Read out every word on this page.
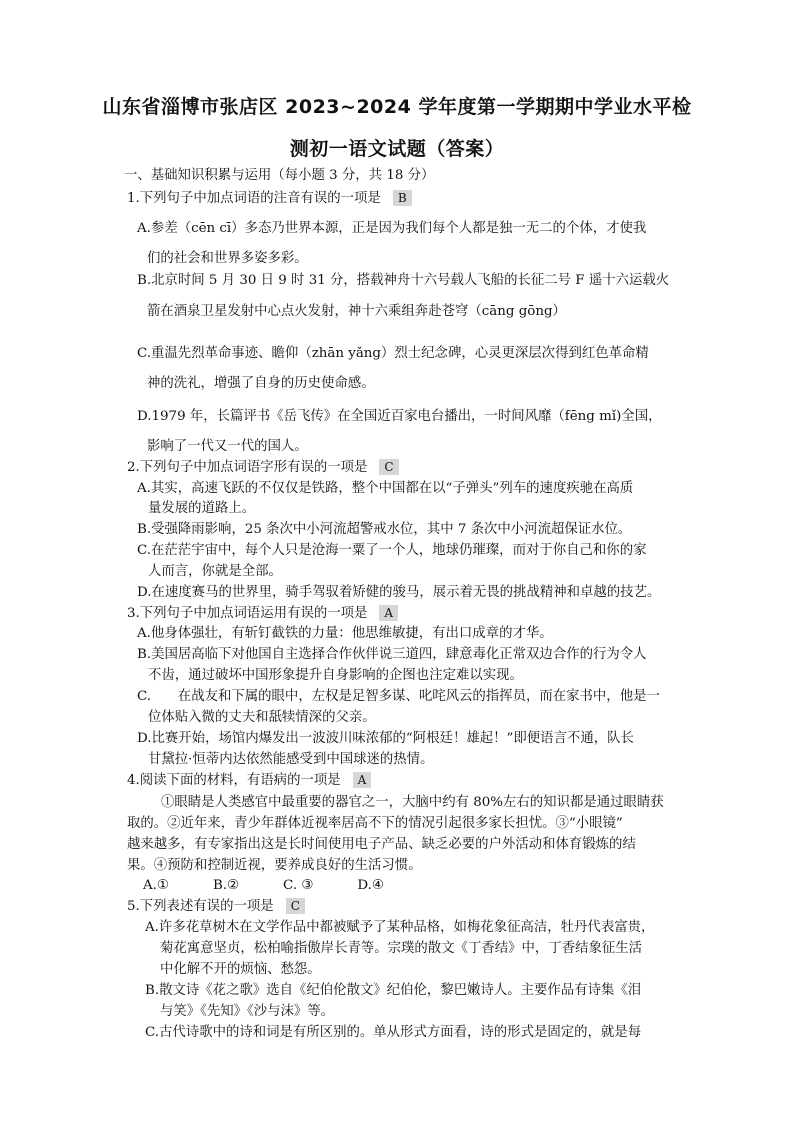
山东省淄博市张店区 2023~2024 学年度第一学期期中学业水平检
测初一语文试题（答案）
一、基础知识积累与运用（每小题 3 分，共 18 分）
1.下列句子中加点词语的注音有误的一项是 B
A.参差（cēn cī）多态乃世界本源，正是因为我们每个人都是独一无二的个体，才使我
们的社会和世界多姿多彩。
B.北京时间 5 月 30 日 9 时 31 分，搭载神舟十六号载人飞船的长征二号 F 遥十六运载火
箭在酒泉卫星发射中心点火发射，神十六乘组奔赴苍穹（cāng gōng）
C.重温先烈革命事迹、瞻仰（zhān yǎng）烈士纪念碑，心灵更深层次得到红色革命精
神的洗礼，增强了自身的历史使命感。
D.1979 年，长篇评书《岳飞传》在全国近百家电台播出，一时间风靡（fēng mǐ)全国，
影响了一代又一代的国人。
2.下列句子中加点词语字形有误的一项是 C
A.其实，高速飞跃的不仅仅是铁路，整个中国都在以“子弹头”列车的速度疾驰在高质
量发展的道路上。
B.受强降雨影响，25 条次中小河流超警戒水位，其中 7 条次中小河流超保证水位。
C.在茫茫宇宙中，每个人只是沧海一粟了一个人，地球仍璀璨，而对于你自己和你的家
人而言，你就是全部。
D.在速度赛马的世界里，骑手驾驭着矫健的骏马，展示着无畏的挑战精神和卓越的技艺。
3.下列句子中加点词语运用有误的一项是 A
A.他身体强壮，有斩钉截铁的力量：他思维敏捷，有出口成章的才华。
B.美国居高临下对他国自主选择合作伙伴说三道四，肆意毒化正常双边合作的行为令人
不齿，通过破坏中国形象提升自身影响的企图也注定难以实现。
C.　　在战友和下属的眼中，左权是足智多谋、叱咤风云的指挥员，而在家书中，他是一
位体贴入微的丈夫和舐犊情深的父亲。
D.比赛开始，场馆内爆发出一波波川味浓郁的“阿根廷！雄起！”即便语言不通，队长
甘黛拉·恒蒂内达依然能感受到中国球迷的热情。
4.阅读下面的材料，有语病的一项是 A
①眼睛是人类感官中最重要的器官之一，大脑中约有 80%左右的知识都是通过眼睛获
取的。②近年来，青少年群体近视率居高不下的情况引起很多家长担忧。③“小眼镜”
越来越多，有专家指出这是长时间使用电子产品、缺乏必要的户外活动和体育锻炼的结
果。④预防和控制近视，要养成良好的生活习惯。
A.①	B.②	C. ③	D.④
5.下列表述有误的一项是 C
A.许多花草树木在文学作品中都被赋予了某种品格，如梅花象征高洁，牡丹代表富贵，
菊花寓意坚贞，松柏喻指傲岸长青等。宗璞的散文《丁香结》中，丁香结象征生活
中化解不开的烦恼、愁怨。
B.散文诗《花之歌》选自《纪伯伦散文》纪伯伦，黎巴嫩诗人。主要作品有诗集《泪
与笑》《先知》《沙与沫》等。
C.古代诗歌中的诗和词是有所区别的。单从形式方面看，诗的形式是固定的，就是每
